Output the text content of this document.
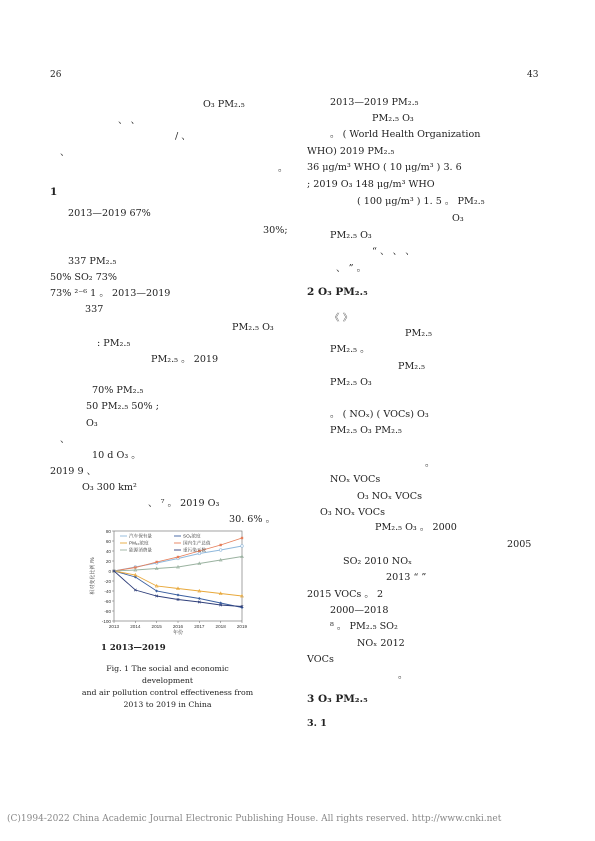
26	43
O₃ PM₂.₅
、 、
/ 、
、
。
1
2013—2019 67%
30%;
337 PM₂.₅
50% SO₂ 73%
73% ²⁻⁶ 1 。 2013—2019
337
PM₂.₅ O₃
: PM₂.₅
PM₂.₅ 。 2019
70% PM₂.₅
50 PM₂.₅ 50% ;
O₃
、
10 d O₃ 。
2019 9 、
O₃ 300 km²
、 ⁷ 。 2019 O₃
30. 6% 。
80
60
40
20
0
-20
-40
-60
-80
-100
2013 2014 2015 2016 2017 2018 2019
年份
相对变化比例 /%
汽车保有量	SO₂浓度
PM₁₀浓度	国内生产总值
能源消费量	重污染天数
1 2013—2019
Fig. 1 The social and economic development
and air pollution control effectiveness from
2013 to 2019 in China
2013—2019 PM₂.₅
PM₂.₅ O₃
。 ( World Health Organization
WHO) 2019 PM₂.₅
36 μg/m³ WHO ( 10 μg/m³ ) 3. 6
; 2019 O₃ 148 μg/m³ WHO
( 100 μg/m³ ) 1. 5 。 PM₂.₅
O₃
PM₂.₅ O₃
“ 、 、 、
、 ” 。
2 O₃ PM₂.₅
《 》
PM₂.₅
PM₂.₅ 。
PM₂.₅
PM₂.₅ O₃
。 ( NOₓ) ( VOCs) O₃
PM₂.₅ O₃ PM₂.₅
。
NOₓ VOCs
O₃ NOₓ VOCs
O₃ NOₓ VOCs
PM₂.₅ O₃ 。 2000
2005
SO₂ 2010 NOₓ
2013 “ ”
2015 VOCs 。 2
2000—2018
⁸ 。 PM₂.₅ SO₂
NOₓ 2012
VOCs
。
3 O₃ PM₂.₅
3. 1
(C)1994-2022 China Academic Journal Electronic Publishing House. All rights reserved. http://www.cnki.net
